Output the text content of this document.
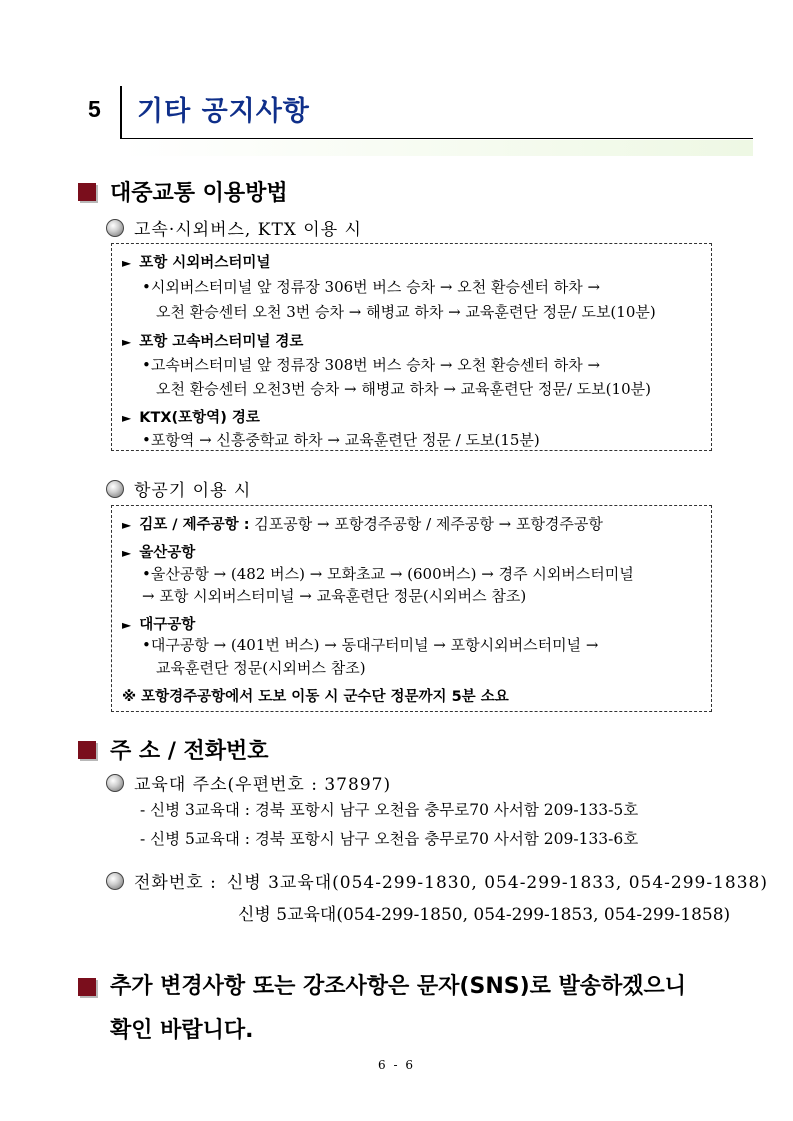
5 기타 공지사항
대중교통 이용방법
고속·시외버스, KTX 이용 시
► 포항 시외버스터미널
•시외버스터미널 앞 정류장 306번 버스 승차 → 오천 환승센터 하차 →
오천 환승센터 오천 3번 승차 → 해병교 하차 → 교육훈련단 정문/ 도보(10분)
► 포항 고속버스터미널 경로
•고속버스터미널 앞 정류장 308번 버스 승차 → 오천 환승센터 하차 →
오천 환승센터 오천3번 승차 → 해병교 하차 → 교육훈련단 정문/ 도보(10분)
► KTX(포항역) 경로
•포항역 → 신흥중학교 하차 → 교육훈련단 정문 / 도보(15분)
항공기 이용 시
► 김포 / 제주공항 : 김포공항 → 포항경주공항 / 제주공항 → 포항경주공항
► 울산공항
•울산공항 → (482 버스) → 모화초교 → (600버스) → 경주 시외버스터미널
→ 포항 시외버스터미널 → 교육훈련단 정문(시외버스 참조)
► 대구공항
•대구공항 → (401번 버스) → 동대구터미널 → 포항시외버스터미널 →
교육훈련단 정문(시외버스 참조)
※ 포항경주공항에서 도보 이동 시 군수단 정문까지 5분 소요
주 소 / 전화번호
교육대 주소(우편번호 : 37897)
- 신병 3교육대 : 경북 포항시 남구 오천읍 충무로70 사서함 209-133-5호
- 신병 5교육대 : 경북 포항시 남구 오천읍 충무로70 사서함 209-133-6호
전화번호 : 신병 3교육대(054-299-1830, 054-299-1833, 054-299-1838)
신병 5교육대(054-299-1850, 054-299-1853, 054-299-1858)
추가 변경사항 또는 강조사항은 문자(SNS)로 발송하겠으니
확인 바랍니다.
6 - 6
